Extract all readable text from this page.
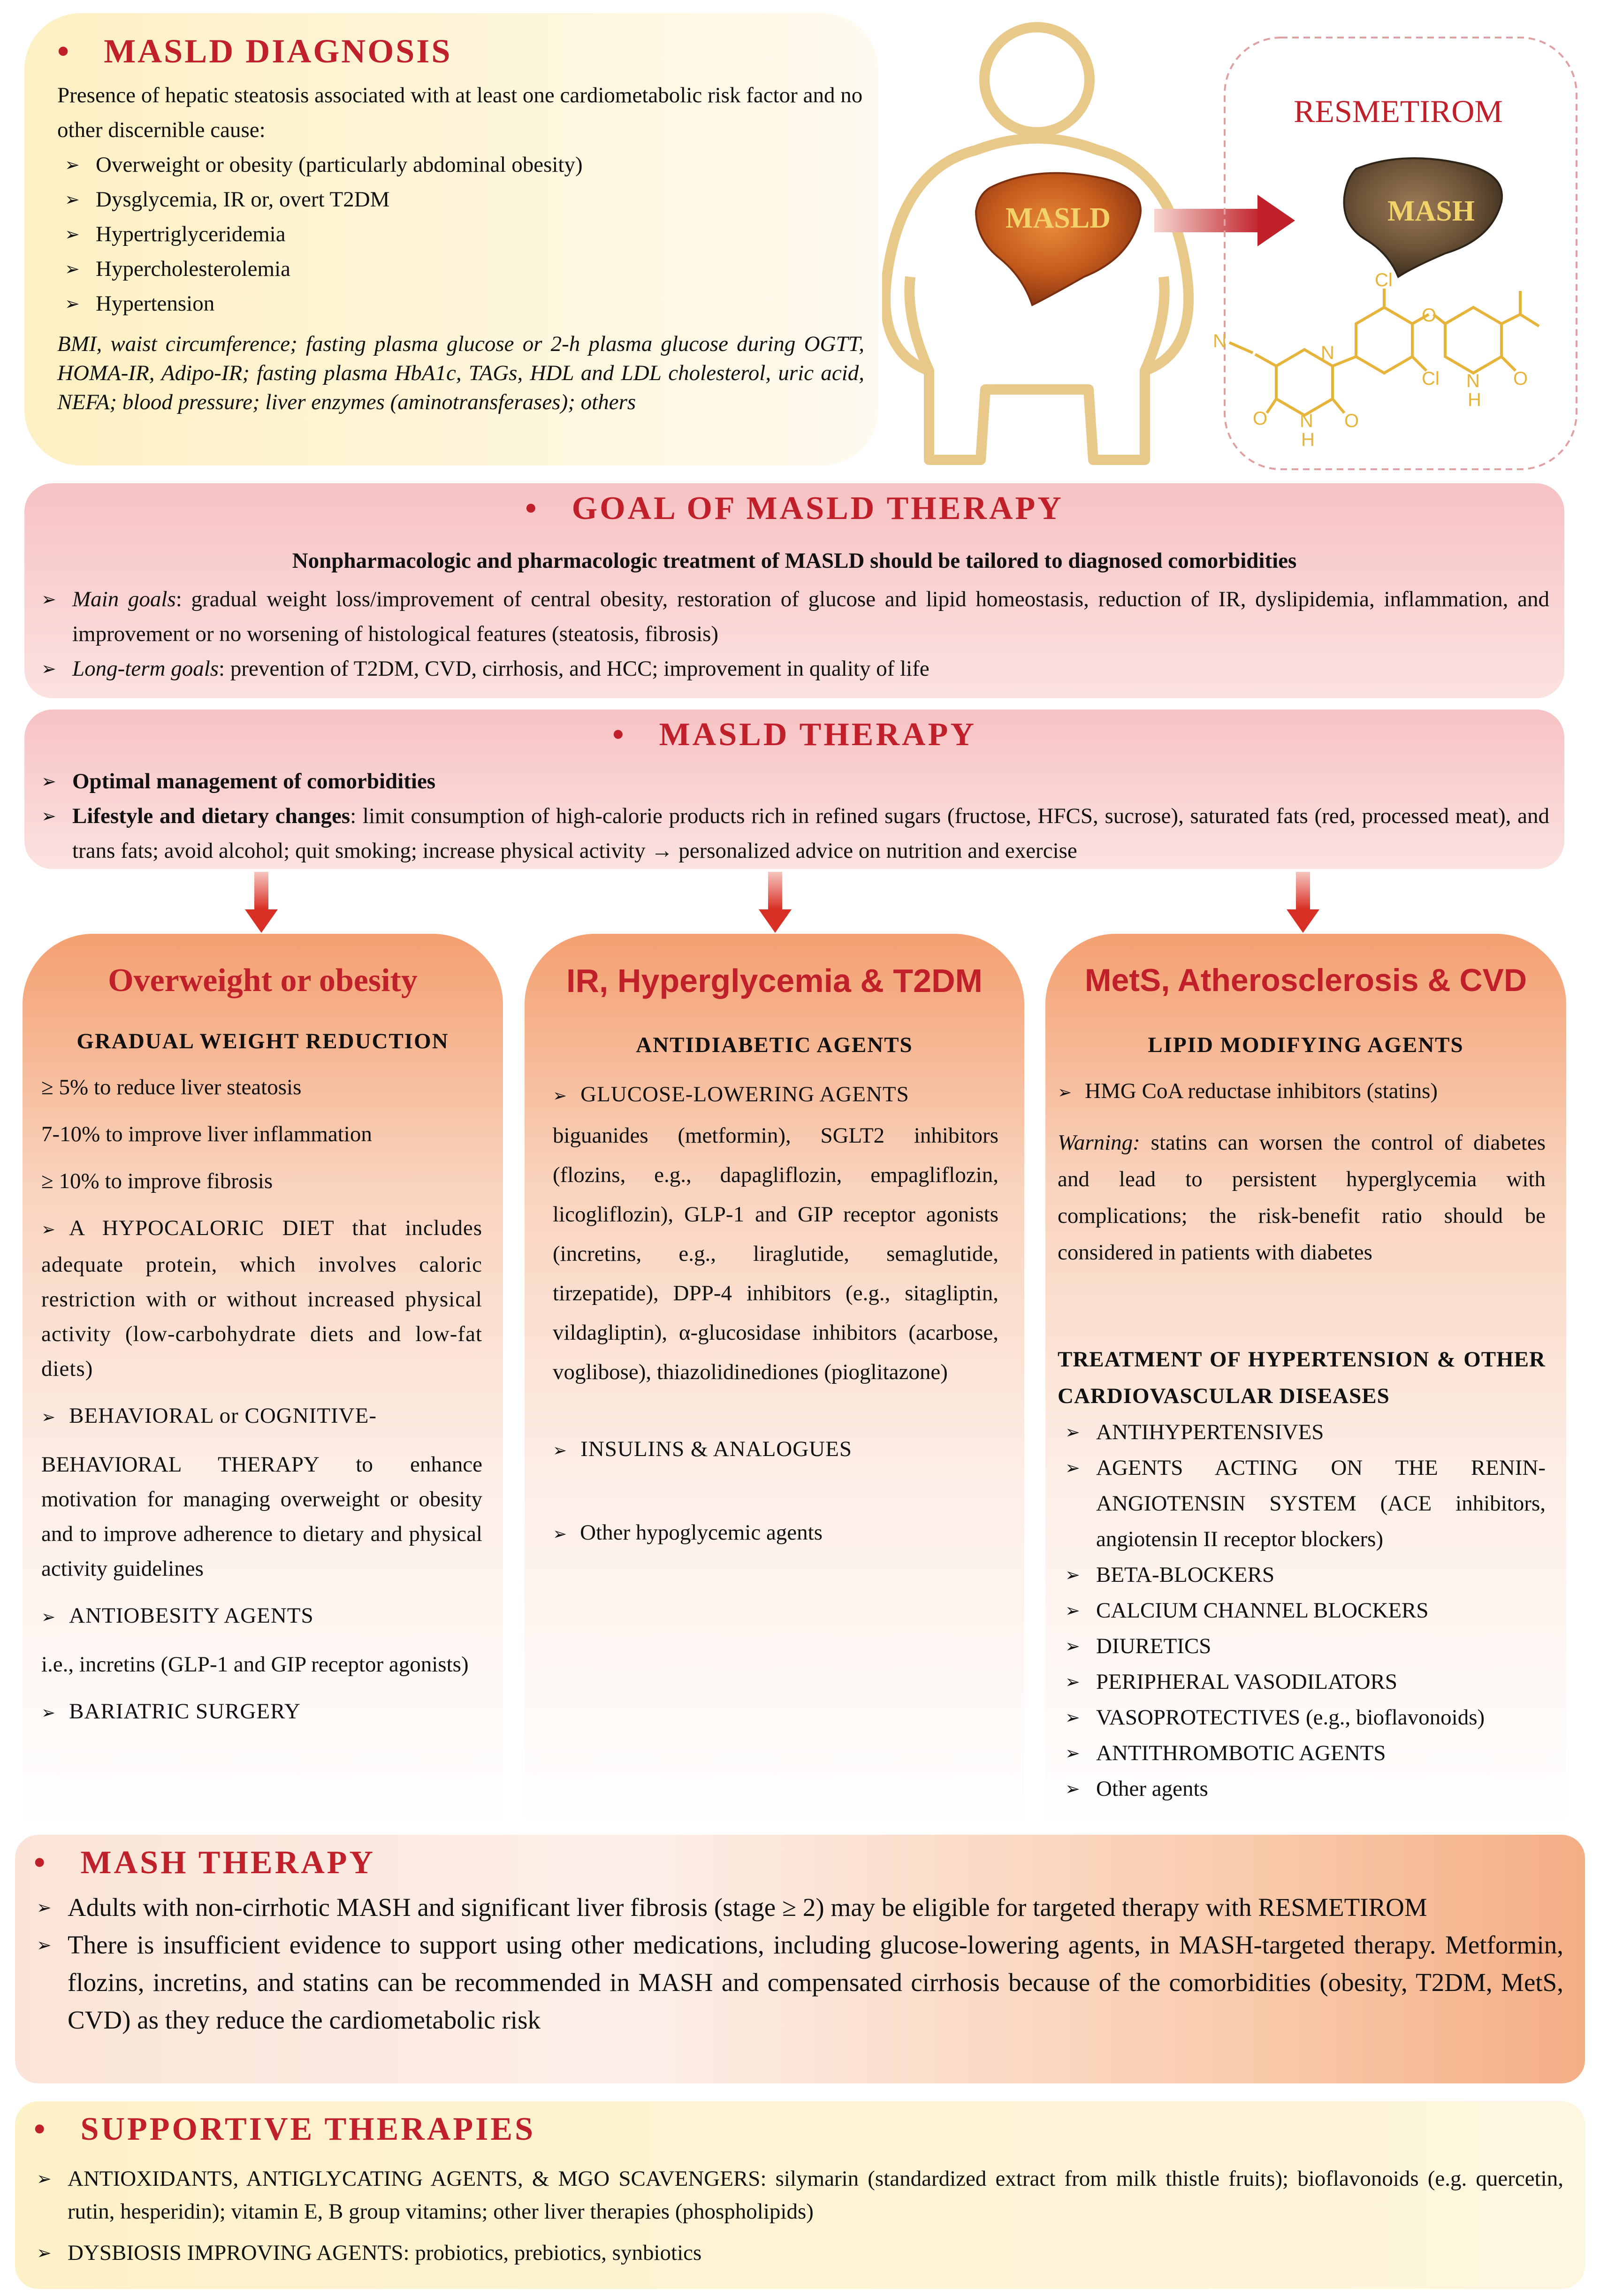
• MASLD DIAGNOSIS
Presence of hepatic steatosis associated with at least one cardiometabolic risk factor and no other discernible cause:
➢ Overweight or obesity (particularly abdominal obesity)
➢ Dysglycemia, IR or, overt T2DM
➢ Hypertriglyceridemia
➢ Hypercholesterolemia
➢ Hypertension
BMI, waist circumference; fasting plasma glucose or 2-h plasma glucose during OGTT, HOMA-IR, Adipo-IR; fasting plasma HbA1c, TAGs, HDL and LDL cholesterol, uric acid, NEFA; blood pressure; liver enzymes (aminotransferases); others
MASLD
RESMETIROM
MASH
Cl
O
Cl
N
N
N
H
N
H
O
O	O
• GOAL OF MASLD THERAPY
Nonpharmacologic and pharmacologic treatment of MASLD should be tailored to diagnosed comorbidities
➢ Main goals: gradual weight loss/improvement of central obesity, restoration of glucose and lipid homeostasis, reduction of IR, dyslipidemia, inflammation, and improvement or no worsening of histological features (steatosis, fibrosis)
➢ Long-term goals: prevention of T2DM, CVD, cirrhosis, and HCC; improvement in quality of life
• MASLD THERAPY
➢ Optimal management of comorbidities
➢ Lifestyle and dietary changes: limit consumption of high-calorie products rich in refined sugars (fructose, HFCS, sucrose), saturated fats (red, processed meat), and trans fats; avoid alcohol; quit smoking; increase physical activity → personalized advice on nutrition and exercise
Overweight or obesity
GRADUAL WEIGHT REDUCTION
≥ 5% to reduce liver steatosis
7-10% to improve liver inflammation
≥ 10% to improve fibrosis
➢ A HYPOCALORIC DIET that includes adequate protein, which involves caloric restriction with or without increased physical activity (low-carbohydrate diets and low-fat diets)
➢ BEHAVIORAL or COGNITIVE-
BEHAVIORAL THERAPY to enhance motivation for managing overweight or obesity and to improve adherence to dietary and physical activity guidelines
➢ ANTIOBESITY AGENTS
i.e., incretins (GLP-1 and GIP receptor agonists)
➢ BARIATRIC SURGERY
IR, Hyperglycemia & T2DM
ANTIDIABETIC AGENTS
➢ GLUCOSE-LOWERING AGENTS
biguanides (metformin), SGLT2 inhibitors (flozins, e.g., dapagliflozin, empagliflozin, licogliflozin), GLP-1 and GIP receptor agonists (incretins, e.g., liraglutide, semaglutide, tirzepatide), DPP-4 inhibitors (e.g., sitagliptin, vildagliptin), α-glucosidase inhibitors (acarbose, voglibose), thiazolidinediones (pioglitazone)
➢ INSULINS & ANALOGUES
➢ Other hypoglycemic agents
MetS, Atherosclerosis & CVD
LIPID MODIFYING AGENTS
➢ HMG CoA reductase inhibitors (statins)
Warning: statins can worsen the control of diabetes and lead to persistent hyperglycemia with complications; the risk-benefit ratio should be considered in patients with diabetes
TREATMENT OF HYPERTENSION & OTHER CARDIOVASCULAR DISEASES
➢ ANTIHYPERTENSIVES
➢ AGENTS ACTING ON THE RENIN-ANGIOTENSIN SYSTEM (ACE inhibitors, angiotensin II receptor blockers)
➢ BETA-BLOCKERS
➢ CALCIUM CHANNEL BLOCKERS
➢ DIURETICS
➢ PERIPHERAL VASODILATORS
➢ VASOPROTECTIVES (e.g., bioflavonoids)
➢ ANTITHROMBOTIC AGENTS
➢ Other agents
• MASH THERAPY
➢ Adults with non-cirrhotic MASH and significant liver fibrosis (stage ≥ 2) may be eligible for targeted therapy with RESMETIROM
➢ There is insufficient evidence to support using other medications, including glucose-lowering agents, in MASH-targeted therapy. Metformin, flozins, incretins, and statins can be recommended in MASH and compensated cirrhosis because of the comorbidities (obesity, T2DM, MetS, CVD) as they reduce the cardiometabolic risk
• SUPPORTIVE THERAPIES
➢ ANTIOXIDANTS, ANTIGLYCATING AGENTS, & MGO SCAVENGERS: silymarin (standardized extract from milk thistle fruits); bioflavonoids (e.g. quercetin, rutin, hesperidin); vitamin E, B group vitamins; other liver therapies (phospholipids)
➢ DYSBIOSIS IMPROVING AGENTS: probiotics, prebiotics, synbiotics
